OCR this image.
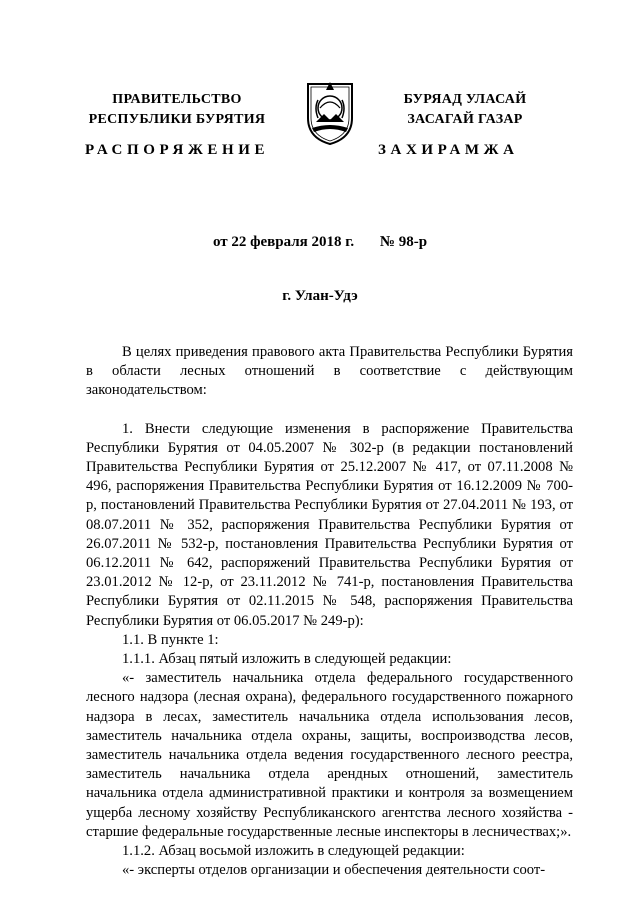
ПРАВИТЕЛЬСТВО
РЕСПУБЛИКИ БУРЯТИЯ
БУРЯАД УЛАСАЙ
ЗАСАГАЙ ГАЗАР
РАСПОРЯЖЕНИЕ	ЗАХИРАМЖА
от 22 февраля 2018 г. № 98-р
г. Улан-Удэ

В целях приведения правового акта Правительства Республики Бурятия в области лесных отношений в соответствие с действующим законодательством:

1. Внести следующие изменения в распоряжение Правительства Республики Бурятия от 04.05.2007 № 302-р (в редакции постановлений Правительства Республики Бурятия от 25.12.2007 № 417, от 07.11.2008 № 496, распоряжения Правительства Республики Бурятия от 16.12.2009 № 700-р, постановлений Правительства Республики Бурятия от 27.04.2011 № 193, от 08.07.2011 № 352, распоряжения Правительства Республики Бурятия от 26.07.2011 № 532-р, постановления Правительства Республики Бурятия от 06.12.2011 № 642, распоряжений Правительства Республики Бурятия от 23.01.2012 № 12-р, от 23.11.2012 № 741-р, постановления Правительства Республики Бурятия от 02.11.2015 № 548, распоряжения Правительства Республики Бурятия от 06.05.2017 № 249-р):

1.1. В пункте 1:

1.1.1. Абзац пятый изложить в следующей редакции:

«- заместитель начальника отдела федерального государственного лесного надзора (лесная охрана), федерального государственного пожарного надзора в лесах, заместитель начальника отдела использования лесов, заместитель начальника отдела охраны, защиты, воспроизводства лесов, заместитель начальника отдела ведения государственного лесного реестра, заместитель начальника отдела арендных отношений, заместитель начальника отдела административной практики и контроля за возмещением ущерба лесному хозяйству Республиканского агентства лесного хозяйства - старшие федеральные государственные лесные инспекторы в лесничествах;».

1.1.2. Абзац восьмой изложить в следующей редакции:

«- эксперты отделов организации и обеспечения деятельности соот-
